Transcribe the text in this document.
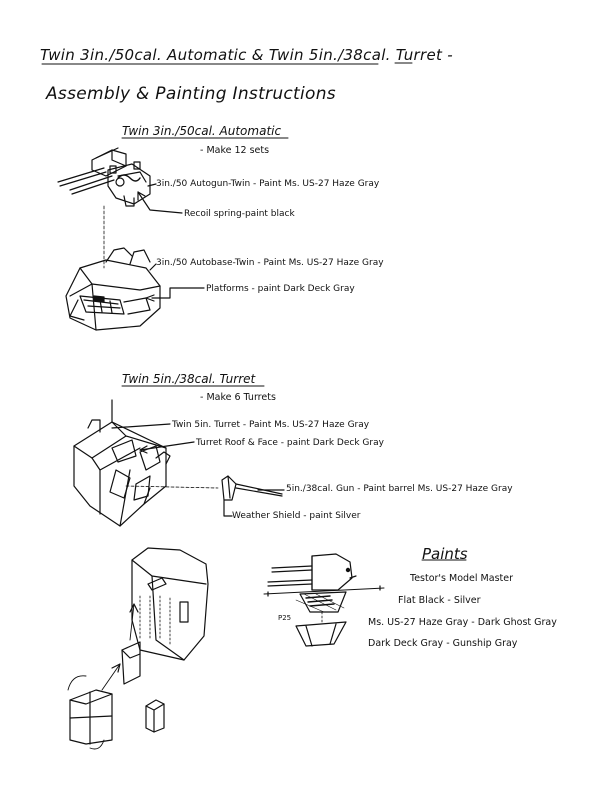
Twin 3in./50cal. Automatic & Twin 5in./38cal. Turret -
Assembly & Painting Instructions
Twin 3in./50cal. Automatic
- Make 12 sets
3in./50 Autogun-Twin - Paint Ms. US-27 Haze Gray
Recoil spring-paint black
3in./50 Autobase-Twin - Paint Ms. US-27 Haze Gray
Platforms - paint Dark Deck Gray
Twin 5in./38cal. Turret
- Make 6 Turrets
Twin 5in. Turret - Paint Ms. US-27 Haze Gray
Turret Roof & Face - paint Dark Deck Gray
5in./38cal. Gun - Paint barrel Ms. US-27 Haze Gray
Weather Shield - paint Silver
Paints
Testor's Model Master
Flat Black - Silver
Ms. US-27 Haze Gray - Dark Ghost Gray
Dark Deck Gray - Gunship Gray
P25
